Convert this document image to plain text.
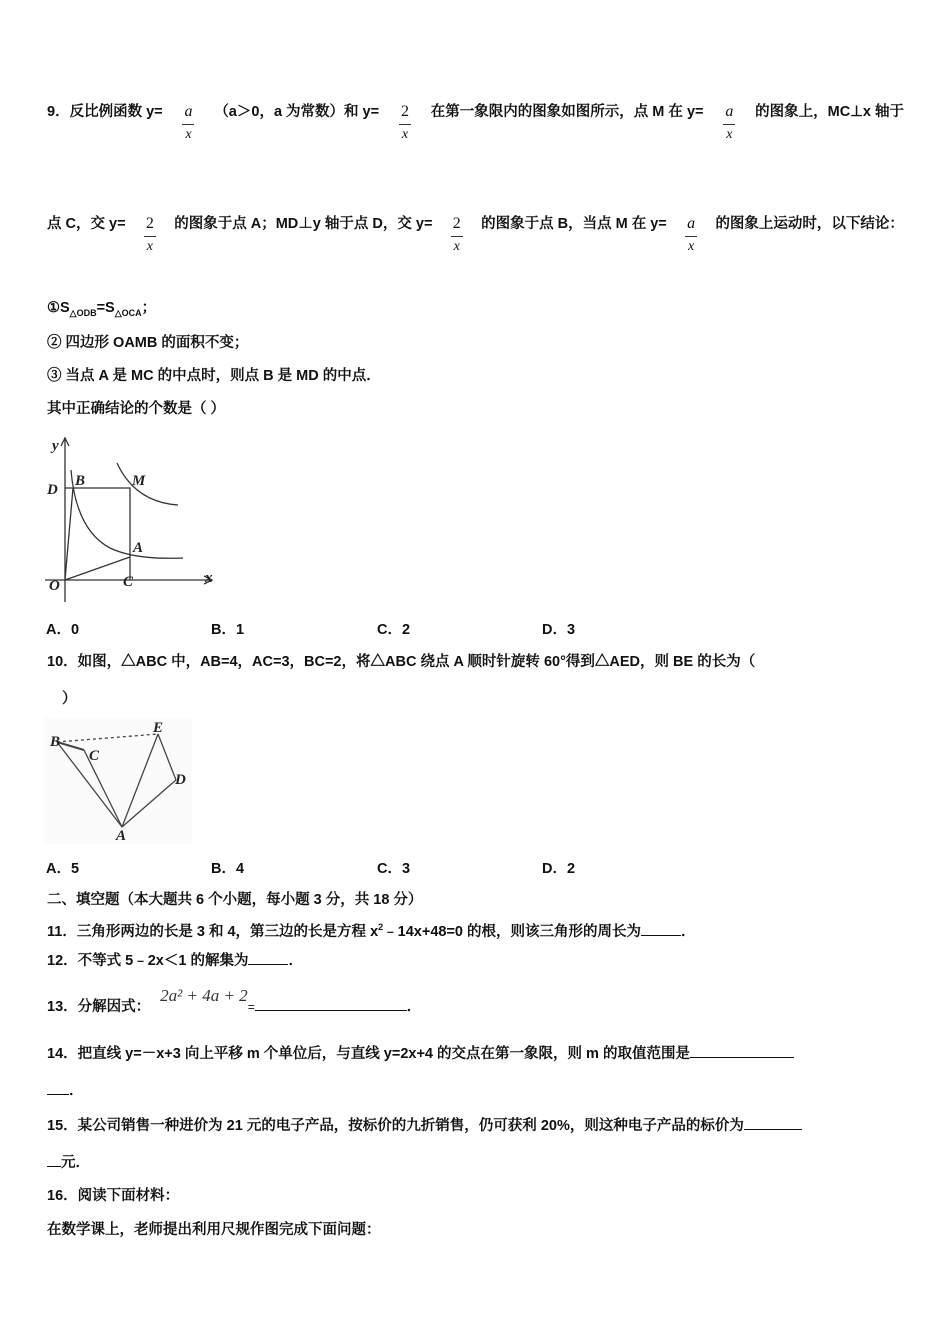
9．反比例函数 $y= \frac{a}{x} (a>0$，a 为常数）和 $y= \frac{2}{x}$ 在第一象限内的图象如图所示，点 M 在 $y= \frac{a}{x}$ 的图象上，MC⊥x 轴于
点 C，交 $y= \frac{2}{x}$ 的图象于点 A；MD⊥y 轴于点 D，交 $y= \frac{2}{x}$ 的图象于点 B，当点 M 在 $y= \frac{a}{x}$ 的图象上运动时，以下结论：
$①S_{\triangle ODB}=S_{\triangle OCA}$；
② 四边形 OAMB 的面积不变；
③ 当点 A 是 MC 的中点时，则点 B 是 MD 的中点．
其中正确结论的个数是（ ）
y
x
O	C
D
B	M
A
A．0	B．1	C．2	D．3
10．如图，△ABC 中，AB=4，AC=3，BC=2，将△ABC 绕点 A 顺时针旋转 60°得到△AED，则 BE 的长为（
）
B
C
E
D
A
A．5	B．4	C．3	D．2
二、填空题（本大题共 6 个小题，每小题 3 分，共 18 分）
11．三角形两边的长是 3 和 4，第三边的长是方程 $x^2﹣14x+48=0$ 的根，则该三角形的周长为	．
12．不等式 5﹣2x＜1 的解集为	．
13．分解因式：2a² + 4a + 2=	．
14．把直线 y=－x+3 向上平移 m 个单位后，与直线 y=2x+4 的交点在第一象限，则 m 的取值范围是
．
15．某公司销售一种进价为 21 元的电子产品，按标价的九折销售，仍可获利 20%，则这种电子产品的标价为
元．
16．阅读下面材料：
在数学课上，老师提出利用尺规作图完成下面问题：
